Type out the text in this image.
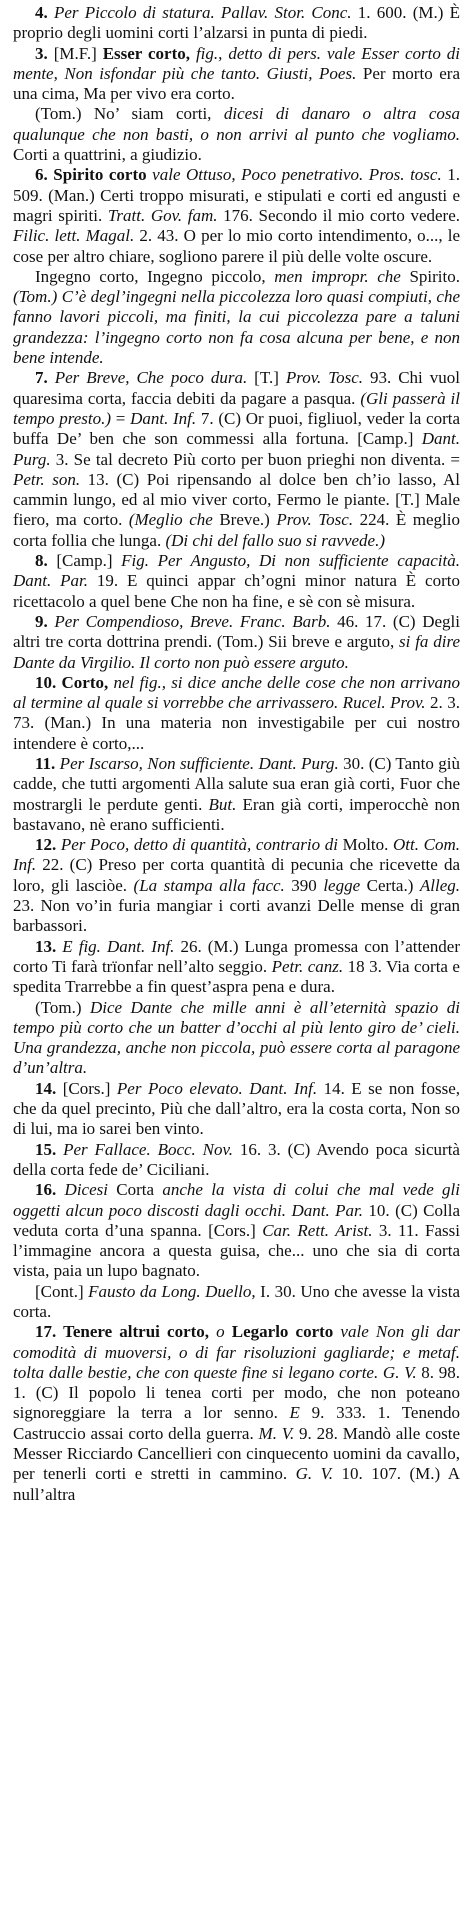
4. Per Piccolo di statura. Pallav. Stor. Conc. 1. 600. (M.) È proprio degli uomini corti l’alzarsi in punta di piedi.

3. [M.F.] Esser corto, fig., detto di pers. vale Esser corto di mente, Non isfondar più che tanto. Giusti, Poes. Per morto era una cima, Ma per vivo era corto.

(Tom.) No’ siam corti, dicesi di danaro o altra cosa qualunque che non basti, o non arrivi al punto che vogliamo. Corti a quattrini, a giudizio.

6. Spirito corto vale Ottuso, Poco penetrativo. Pros. tosc. 1. 509. (Man.) Certi troppo misurati, e stipulati e corti ed angusti e magri spiriti. Tratt. Gov. fam. 176. Secondo il mio corto vedere. Filic. lett. Magal. 2. 43. O per lo mio corto intendimento, o..., le cose per altro chiare, sogliono parere il più delle volte oscure.

Ingegno corto, Ingegno piccolo, men impropr. che Spirito. (Tom.) C’è degl’ingegni nella piccolezza loro quasi compiuti, che fanno lavori piccoli, ma finiti, la cui piccolezza pare a taluni grandezza: l’ingegno corto non fa cosa alcuna per bene, e non bene intende.

7. Per Breve, Che poco dura. [T.] Prov. Tosc. 93. Chi vuol quaresima corta, faccia debiti da pagare a pasqua. (Gli passerà il tempo presto.) = Dant. Inf. 7. (C) Or puoi, figliuol, veder la corta buffa De’ ben che son commessi alla fortuna. [Camp.] Dant. Purg. 3. Se tal decreto Più corto per buon prieghi non diventa. = Petr. son. 13. (C) Poi ripensando al dolce ben ch’io lasso, Al cammin lungo, ed al mio viver corto, Fermo le piante. [T.] Male fiero, ma corto. (Meglio che Breve.) Prov. Tosc. 224. È meglio corta follia che lunga. (Di chi del fallo suo si ravvede.)

8. [Camp.] Fig. Per Angusto, Di non sufficiente capacità. Dant. Par. 19. E quinci appar ch’ogni minor natura È corto ricettacolo a quel bene Che non ha fine, e sè con sè misura.

9. Per Compendioso, Breve. Franc. Barb. 46. 17. (C) Degli altri tre corta dottrina prendi. (Tom.) Sii breve e arguto, si fa dire Dante da Virgilio. Il corto non può essere arguto.

10. Corto, nel fig., si dice anche delle cose che non arrivano al termine al quale si vorrebbe che arrivassero. Rucel. Prov. 2. 3. 73. (Man.) In una materia non investigabile per cui nostro intendere è corto,...

11. Per Iscarso, Non sufficiente. Dant. Purg. 30. (C) Tanto giù cadde, che tutti argomenti Alla salute sua eran già corti, Fuor che mostrargli le perdute genti. But. Eran già corti, imperocchè non bastavano, nè erano sufficienti.

12. Per Poco, detto di quantità, contrario di Molto. Ott. Com. Inf. 22. (C) Preso per corta quantità di pecunia che ricevette da loro, gli lasciòe. (La stampa alla facc. 390 legge Certa.) Alleg. 23. Non vo’in furia mangiar i corti avanzi Delle mense di gran barbassori.

13. E fig. Dant. Inf. 26. (M.) Lunga promessa con l’attender corto Ti farà trïonfar nell’alto seggio. Petr. canz. 18 3. Via corta e spedita Trarrebbe a fin quest’aspra pena e dura.

(Tom.) Dice Dante che mille anni è all’eternità spazio di tempo più corto che un batter d’occhi al più lento giro de’ cieli. Una grandezza, anche non piccola, può essere corta al paragone d’un’altra.

14. [Cors.] Per Poco elevato. Dant. Inf. 14. E se non fosse, che da quel precinto, Più che dall’altro, era la costa corta, Non so di lui, ma io sarei ben vinto.

15. Per Fallace. Bocc. Nov. 16. 3. (C) Avendo poca sicurtà della corta fede de’ Ciciliani.

16. Dicesi Corta anche la vista di colui che mal vede gli oggetti alcun poco discosti dagli occhi. Dant. Par. 10. (C) Colla veduta corta d’una spanna. [Cors.] Car. Rett. Arist. 3. 11. Fassi l’immagine ancora a questa guisa, che... uno che sia di corta vista, paia un lupo bagnato.

[Cont.] Fausto da Long. Duello, I. 30. Uno che avesse la vista corta.

17. Tenere altrui corto, o Legarlo corto vale Non gli dar comodità di muoversi, o di far risoluzioni gagliarde; e metaf. tolta dalle bestie, che con queste fine si legano corte. G. V. 8. 98. 1. (C) Il popolo li tenea corti per modo, che non poteano signoreggiare la terra a lor senno. E 9. 333. 1. Tenendo Castruccio assai corto della guerra. M. V. 9. 28. Mandò alle coste Messer Ricciardo Cancellieri con cinquecento uomini da cavallo, per tenerli corti e stretti in cammino. G. V. 10. 107. (M.) A null’altra
